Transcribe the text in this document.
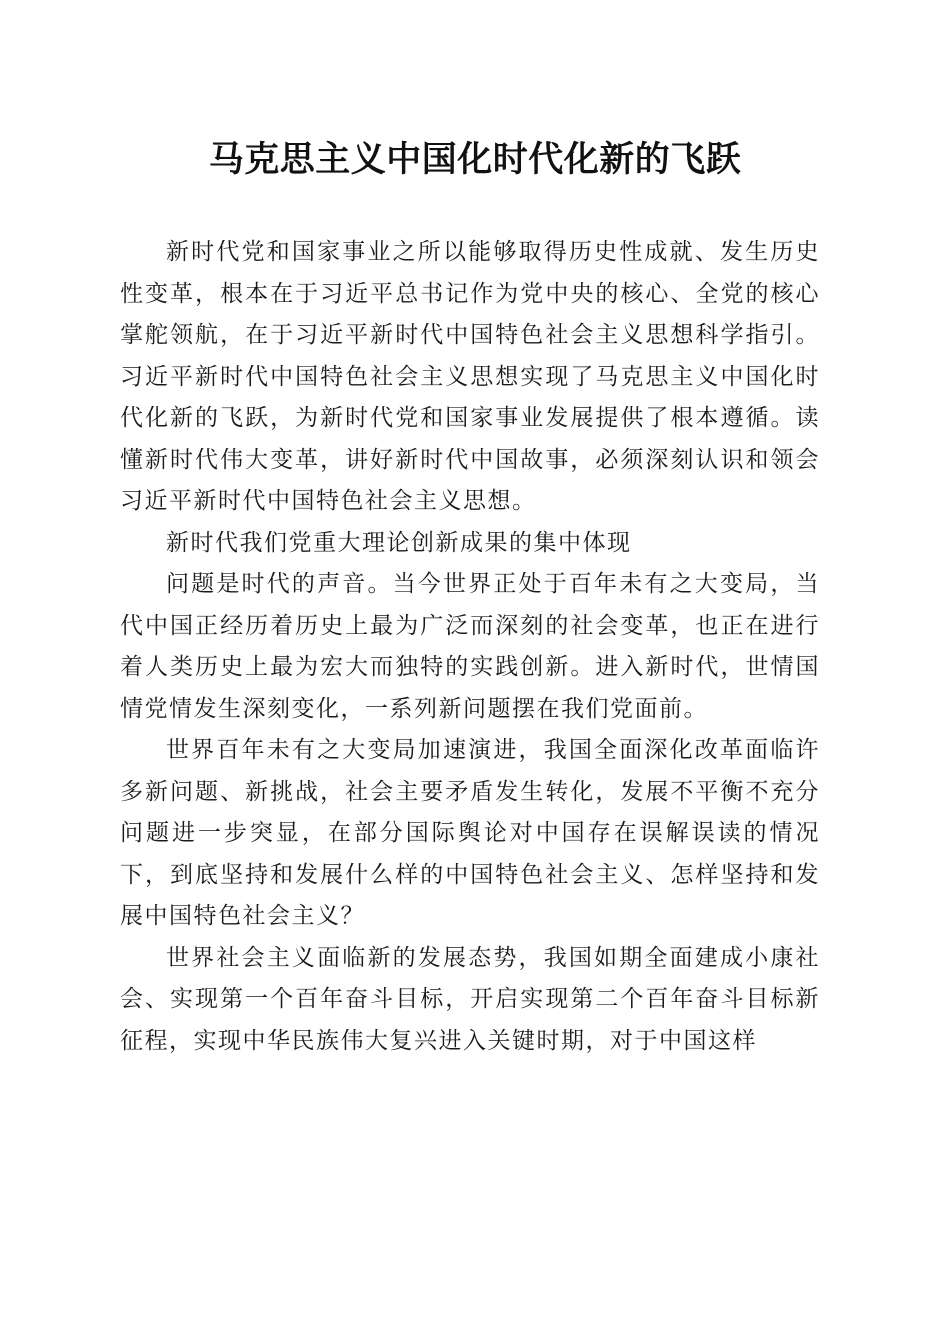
马克思主义中国化时代化新的飞跃

新时代党和国家事业之所以能够取得历史性成就、发生历史性变革，根本在于习近平总书记作为党中央的核心、全党的核心掌舵领航，在于习近平新时代中国特色社会主义思想科学指引。习近平新时代中国特色社会主义思想实现了马克思主义中国化时代化新的飞跃，为新时代党和国家事业发展提供了根本遵循。读懂新时代伟大变革，讲好新时代中国故事，必须深刻认识和领会习近平新时代中国特色社会主义思想。

新时代我们党重大理论创新成果的集中体现

问题是时代的声音。当今世界正处于百年未有之大变局，当代中国正经历着历史上最为广泛而深刻的社会变革，也正在进行着人类历史上最为宏大而独特的实践创新。进入新时代，世情国情党情发生深刻变化，一系列新问题摆在我们党面前。

世界百年未有之大变局加速演进，我国全面深化改革面临许多新问题、新挑战，社会主要矛盾发生转化，发展不平衡不充分问题进一步突显，在部分国际舆论对中国存在误解误读的情况下，到底坚持和发展什么样的中国特色社会主义、怎样坚持和发展中国特色社会主义？

世界社会主义面临新的发展态势，我国如期全面建成小康社会、实现第一个百年奋斗目标，开启实现第二个百年奋斗目标新征程，实现中华民族伟大复兴进入关键时期，对于中国这样
